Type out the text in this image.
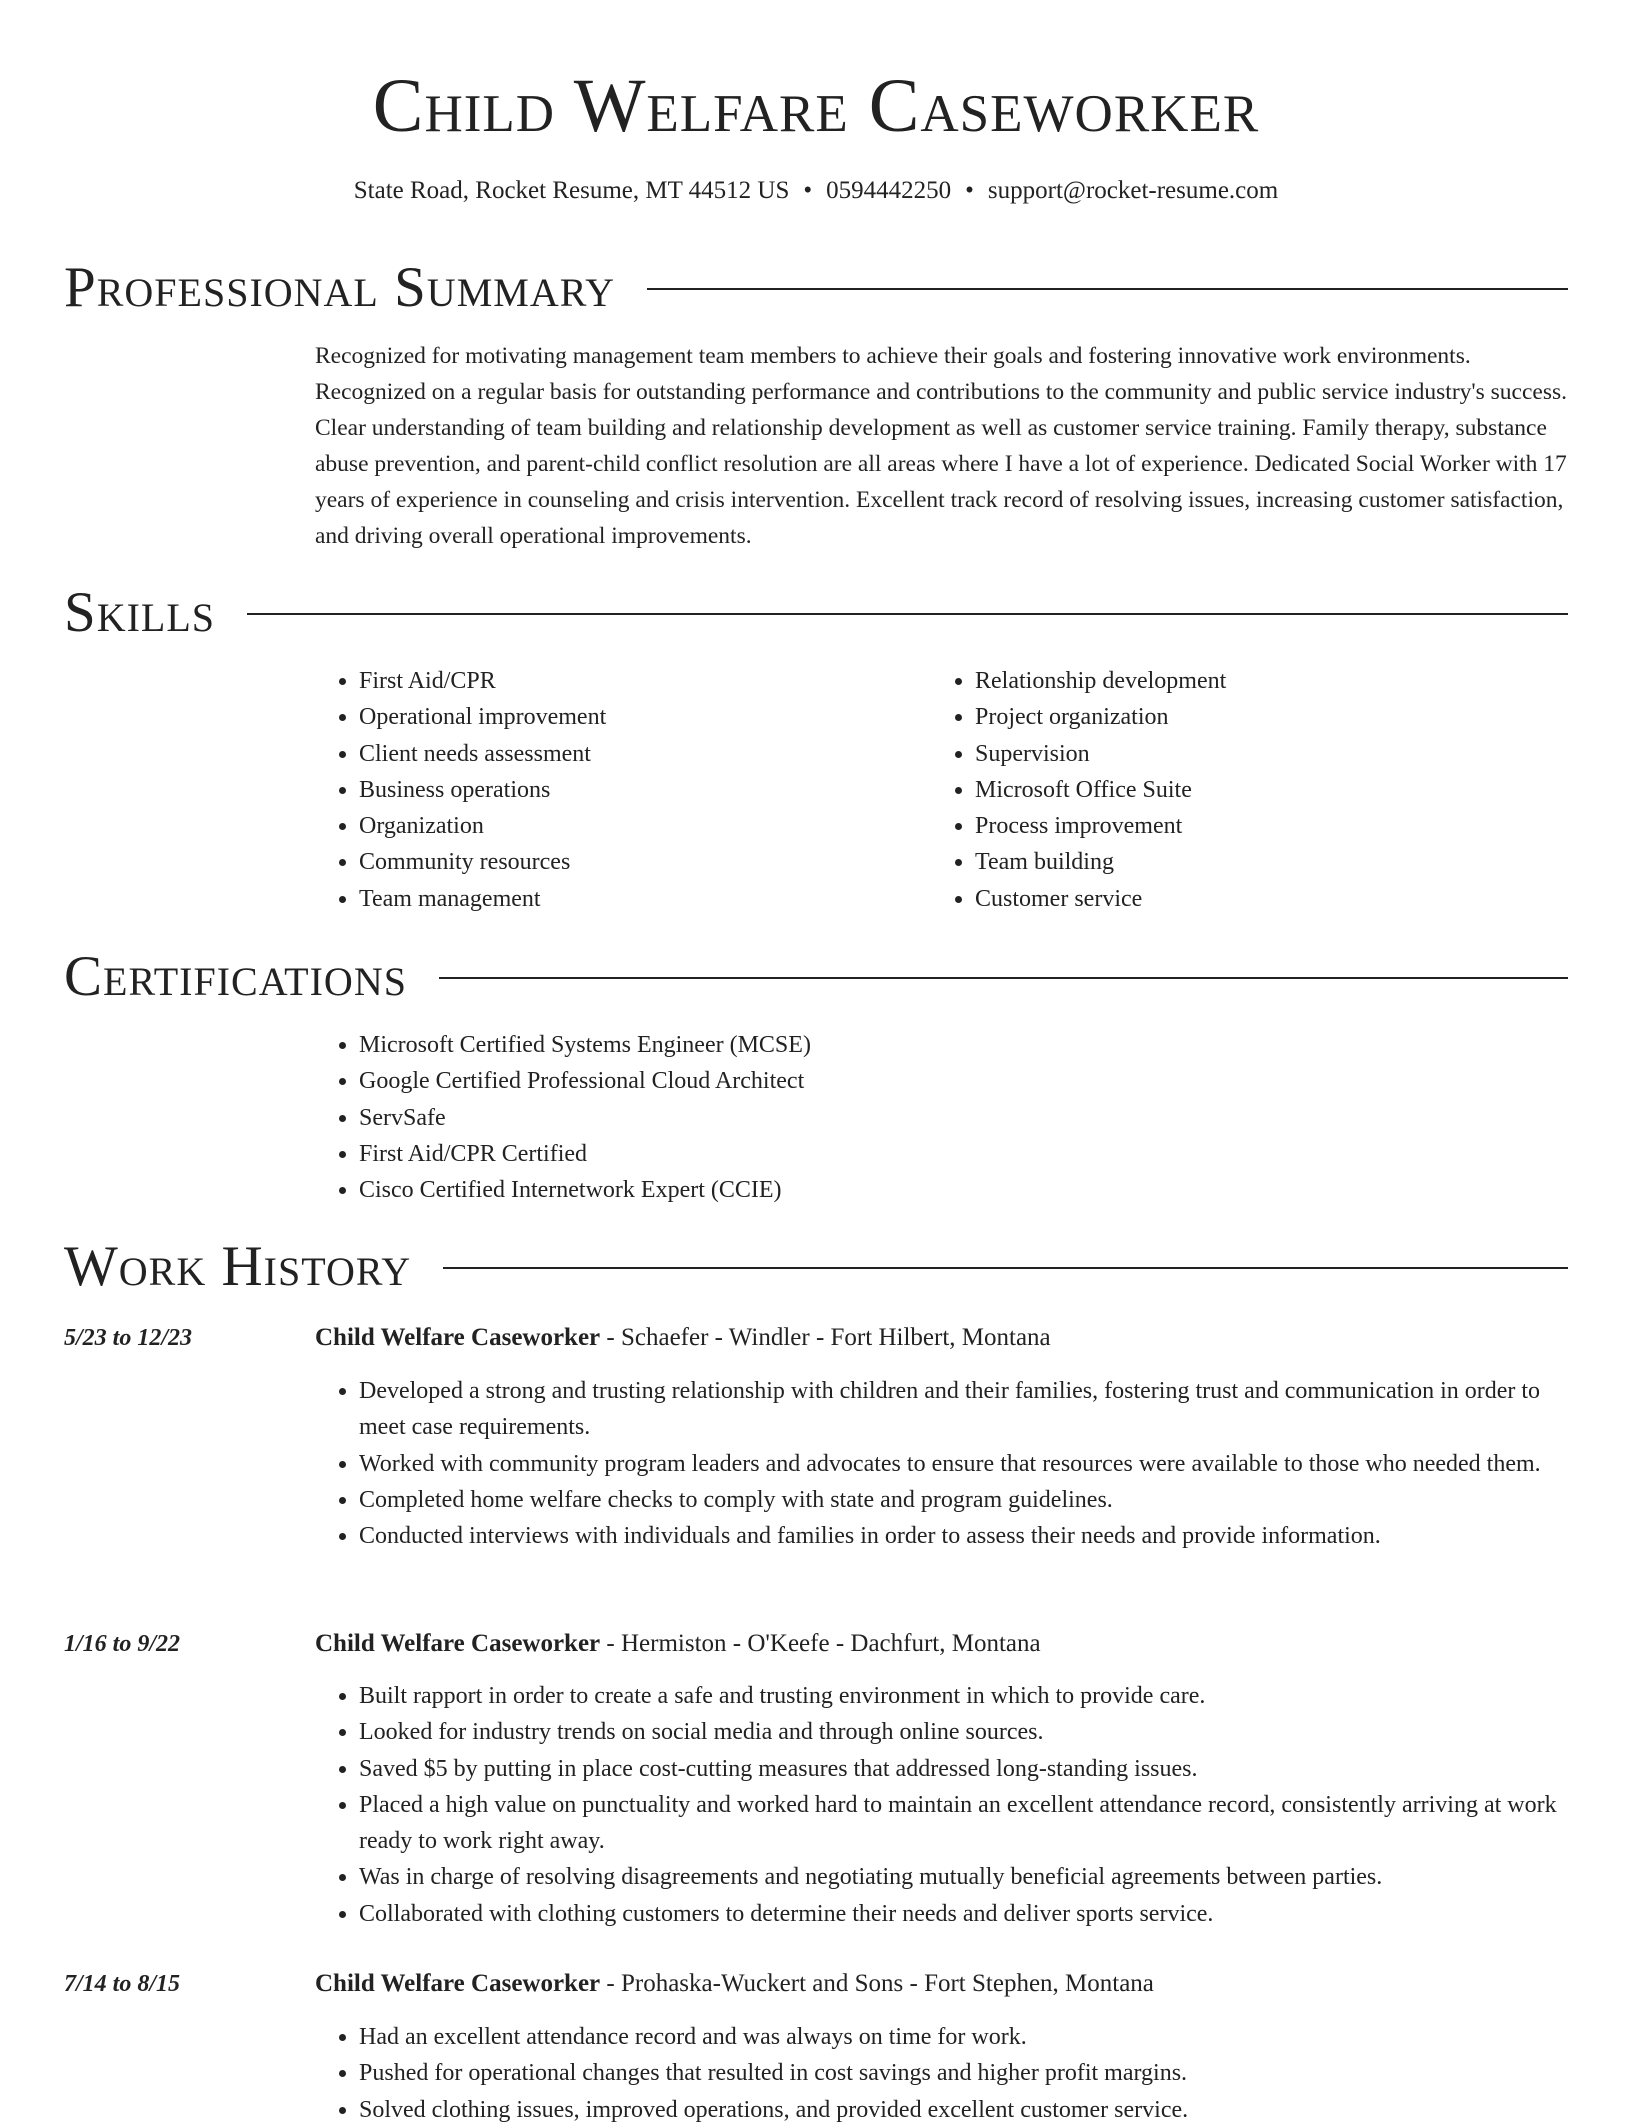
Child Welfare Caseworker
State Road, Rocket Resume, MT 44512 US • 0594442250 • support@rocket-resume.com
Professional Summary

Recognized for motivating management team members to achieve their goals and fostering innovative work environments. Recognized on a regular basis for outstanding performance and contributions to the community and public service industry's success. Clear understanding of team building and relationship development as well as customer service training. Family therapy, substance abuse prevention, and parent-child conflict resolution are all areas where I have a lot of experience. Dedicated Social Worker with 17 years of experience in counseling and crisis intervention. Excellent track record of resolving issues, increasing customer satisfaction, and driving overall operational improvements.

Skills
• First Aid/CPR
• Operational improvement
• Client needs assessment
• Business operations
• Organization
• Community resources
• Team management
• Relationship development
• Project organization
• Supervision
• Microsoft Office Suite
• Process improvement
• Team building
• Customer service
Certifications
• Microsoft Certified Systems Engineer (MCSE)
• Google Certified Professional Cloud Architect
• ServSafe
• First Aid/CPR Certified
• Cisco Certified Internetwork Expert (CCIE)
Work History
5/23 to 12/23	Child Welfare Caseworker - Schaefer - Windler - Fort Hilbert, Montana
• Developed a strong and trusting relationship with children and their families, fostering trust and communication in order to meet case requirements.
• Worked with community program leaders and advocates to ensure that resources were available to those who needed them.
• Completed home welfare checks to comply with state and program guidelines.
• Conducted interviews with individuals and families in order to assess their needs and provide information.
1/16 to 9/22	Child Welfare Caseworker - Hermiston - O'Keefe - Dachfurt, Montana
• Built rapport in order to create a safe and trusting environment in which to provide care.
• Looked for industry trends on social media and through online sources.
• Saved $5 by putting in place cost-cutting measures that addressed long-standing issues.
• Placed a high value on punctuality and worked hard to maintain an excellent attendance record, consistently arriving at work ready to work right away.
• Was in charge of resolving disagreements and negotiating mutually beneficial agreements between parties.
• Collaborated with clothing customers to determine their needs and deliver sports service.
7/14 to 8/15	Child Welfare Caseworker - Prohaska-Wuckert and Sons - Fort Stephen, Montana
• Had an excellent attendance record and was always on time for work.
• Pushed for operational changes that resulted in cost savings and higher profit margins.
• Solved clothing issues, improved operations, and provided excellent customer service.
